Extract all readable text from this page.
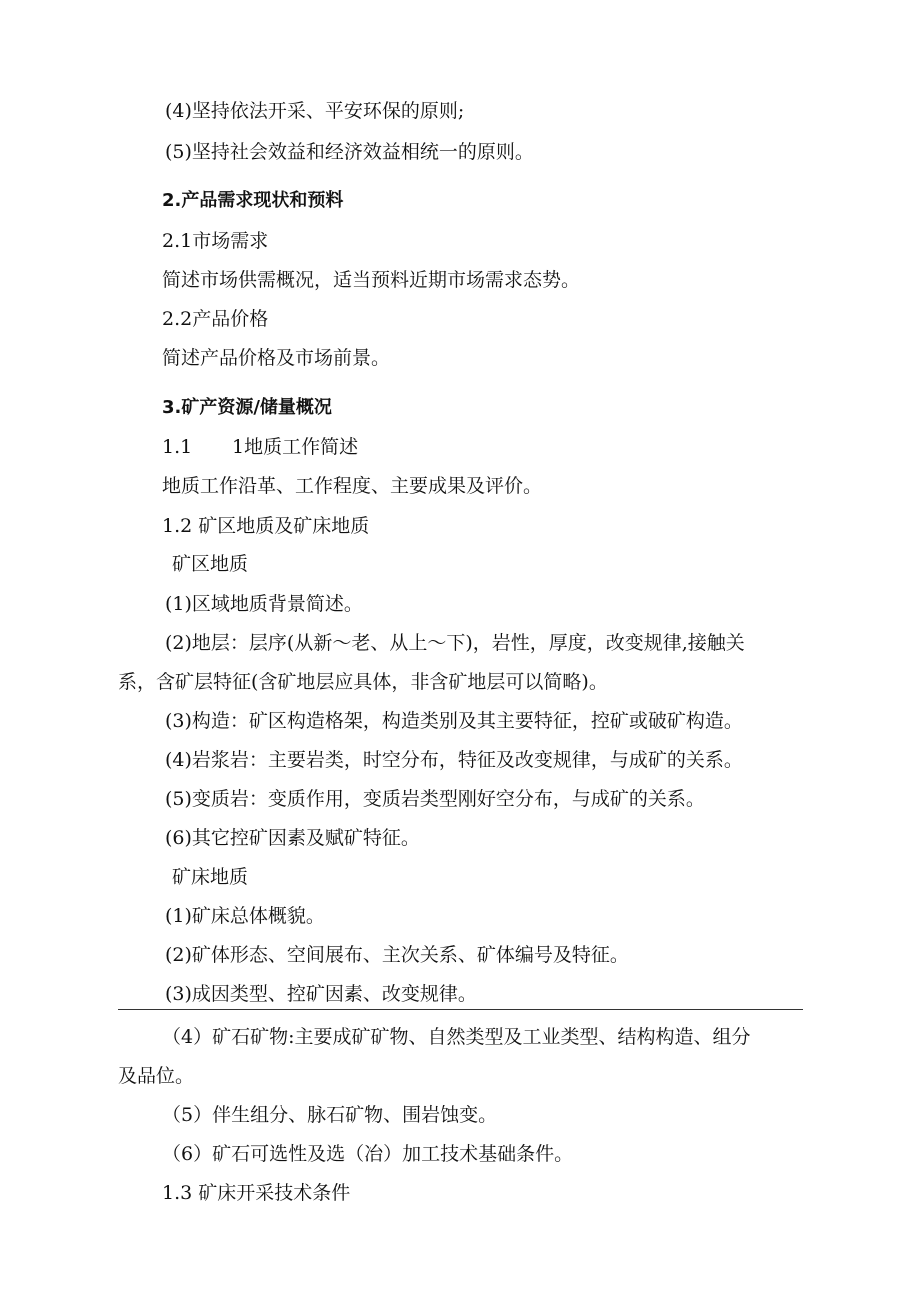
(4)坚持依法开采、平安环保的原则;
(5)坚持社会效益和经济效益相统一的原则。
2.产品需求现状和预料
2.1市场需求
简述市场供需概况，适当预料近期市场需求态势。
2.2产品价格
简述产品价格及市场前景。
3.矿产资源/储量概况
1.1 1地质工作简述
地质工作沿革、工作程度、主要成果及评价。
1.2 矿区地质及矿床地质
矿区地质
(1)区域地质背景简述。
(2)地层：层序(从新～老、从上～下)，岩性，厚度，改变规律,接触关
系，含矿层特征(含矿地层应具体，非含矿地层可以简略)。
(3)构造：矿区构造格架，构造类别及其主要特征，控矿或破矿构造。
(4)岩浆岩：主要岩类，时空分布，特征及改变规律，与成矿的关系。
(5)变质岩：变质作用，变质岩类型刚好空分布，与成矿的关系。
(6)其它控矿因素及赋矿特征。
矿床地质
(1)矿床总体概貌。
(2)矿体形态、空间展布、主次关系、矿体编号及特征。
(3)成因类型、控矿因素、改变规律。
（4）矿石矿物:主要成矿矿物、自然类型及工业类型、结构构造、组分
及品位。
（5）伴生组分、脉石矿物、围岩蚀变。
（6）矿石可选性及选（冶）加工技术基础条件。
1.3 矿床开采技术条件
